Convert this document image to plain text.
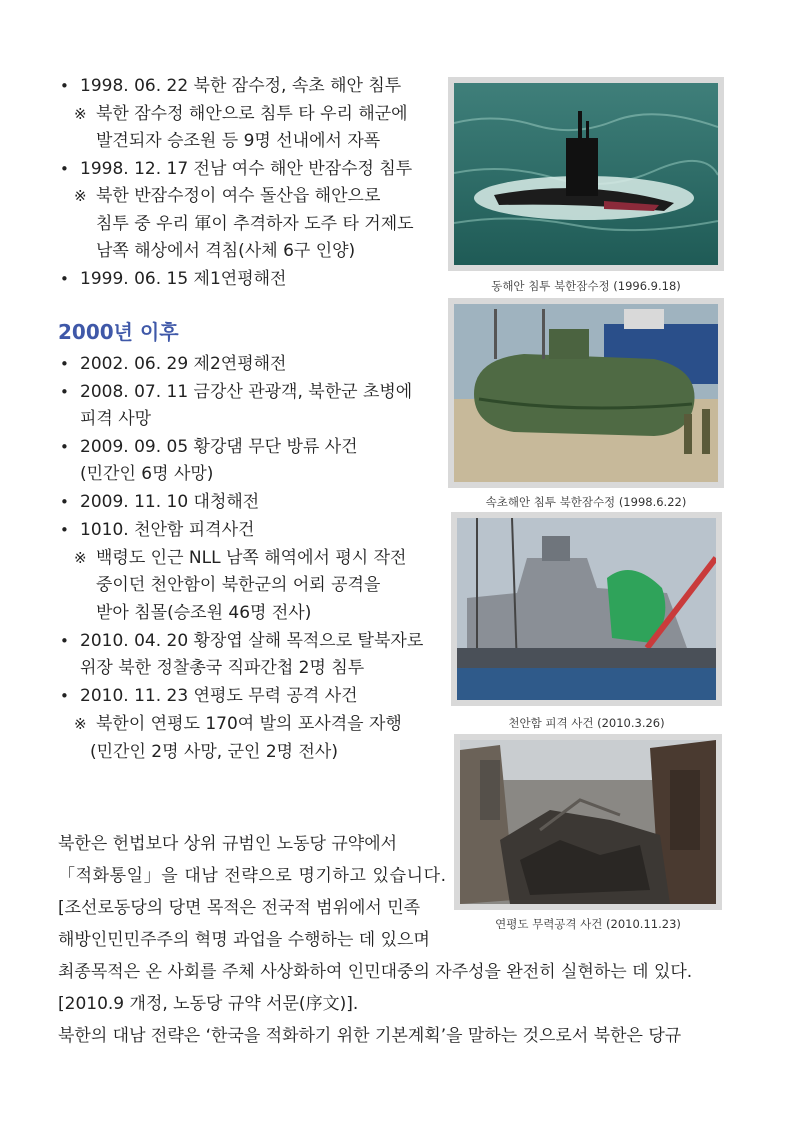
• 1998. 06. 22 북한 잠수정, 속초 해안 침투
※ 북한 잠수정 해안으로 침투 타 우리 해군에
발견되자 승조원 등 9명 선내에서 자폭
• 1998. 12. 17 전남 여수 해안 반잠수정 침투
※ 북한 반잠수정이 여수 돌산읍 해안으로
침투 중 우리 軍이 추격하자 도주 타 거제도
남쪽 해상에서 격침(사체 6구 인양)
• 1999. 06. 15 제1연평해전
2000년 이후
• 2002. 06. 29 제2연평해전
• 2008. 07. 11 금강산 관광객, 북한군 초병에
피격 사망
• 2009. 09. 05 황강댐 무단 방류 사건
(민간인 6명 사망)
• 2009. 11. 10 대청해전
• 1010. 천안함 피격사건
※ 백령도 인근 NLL 남쪽 해역에서 평시 작전
중이던 천안함이 북한군의 어뢰 공격을
받아 침몰(승조원 46명 전사)
• 2010. 04. 20 황장엽 살해 목적으로 탈북자로
위장 북한 정찰총국 직파간첩 2명 침투
• 2010. 11. 23 연평도 무력 공격 사건
※ 북한이 연평도 170여 발의 포사격을 자행
(민간인 2명 사망, 군인 2명 전사)
동해안 침투 북한잠수정 (1996.9.18)
속초해안 침투 북한잠수정 (1998.6.22)
천안함 피격 사건 (2010.3.26)
연평도 무력공격 사건 (2010.11.23)
북한은 헌법보다 상위 규범인 노동당 규약에서
「적화통일」을 대남 전략으로 명기하고 있습니다.
[조선로동당의 당면 목적은 전국적 범위에서 민족
해방인민민주주의 혁명 과업을 수행하는 데 있으며
최종목적은 온 사회를 주체 사상화하여 인민대중의 자주성을 완전히 실현하는 데 있다.
[2010.9 개정, 노동당 규약 서문(序文)].
북한의 대남 전략은 ‘한국을 적화하기 위한 기본계획’을 말하는 것으로서 북한은 당규
